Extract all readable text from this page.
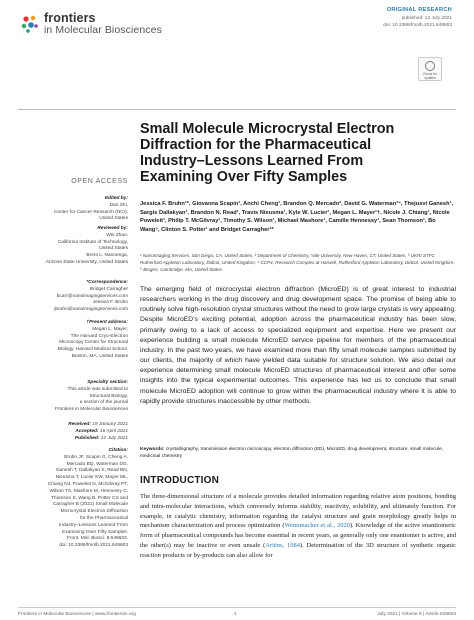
frontiers
in Molecular Biosciences
ORIGINAL RESEARCH
published: 12 July 2021
doi: 10.3389/fmolb.2021.648603
Check for updates
Small Molecule Microcrystal Electron Diffraction for the Pharmaceutical Industry–Lessons Learned From Examining Over Fifty Samples
Jessica F. Bruhn¹*, Giovanna Scapin¹, Anchi Cheng¹, Brandon Q. Mercado², David G. Waterman³⁴, Thejusvi Ganesh¹, Sargis Dallakyan¹, Brandon N. Read¹, Travis Nieusma¹, Kyle W. Lucier¹, Megan L. Mayer¹†, Nicole J. Chiang¹, Nicole Poweleit¹, Philip T. McGilvray¹, Timothy S. Wilson¹, Michael Mashore¹, Camille Hennessy¹, Sean Thomson¹, Bo Wang⁵, Clinton S. Potter¹ and Bridget Carragher¹*
¹ NanoImaging Services, San Diego, CA, United States, ² Department of Chemistry, Yale University, New Haven, CT, United States, ³ UKRI STFC Rutherford Appleton Laboratory, Didcot, United Kingdom, ⁴ CCP4, Research Complex at Harwell, Rutherford Appleton Laboratory, Didcot, United Kingdom, ⁵ Biogen, Cambridge, MA, United States
The emerging field of microcrystal electron diffraction (MicroED) is of great interest to industrial researchers working in the drug discovery and drug development space. The promise of being able to routinely solve high-resolution crystal structures without the need to grow large crystals is very appealing. Despite MicroED’s exciting potential, adoption across the pharmaceutical industry has been slow, primarily owing to a lack of access to specialized equipment and expertise. Here we present our experience building a small molecule MicroED service pipeline for members of the pharmaceutical industry. In the past two years, we have examined more than fifty small molecule samples submitted by our clients, the majority of which have yielded data suitable for structure solution. We also detail our experience determining small molecule MicroED structures of pharmaceutical interest and offer some insights into the typical experimental outcomes. This experience has led us to conclude that small molecule MicroED adoption will continue to grow within the pharmaceutical industry where it is able to rapidly provide structures inaccessible by other methods.
Keywords: crystallography, transmission electron microscopy, electron diffraction (ED), MicroED, drug development, structure, small molecule, medicinal chemistry
INTRODUCTION
The three-dimensional structure of a molecule provides detailed information regarding relative atom positions, bonding and intra-molecular interactions, which conversely informs stability, reactivity, solubility, and ultimately function. For example, in catalytic chemistry, information regarding the catalyst structure and grain morphology greatly helps in mechanism characterization and process optimization (Wennmacher et al., 2020). Knowledge of the active enantiomeric form of pharmaceutical compounds has become essential in recent years, as generally only one enantiomer is active, and the other(s) may be inactive or even unsafe (Ariëns, 1984). Determination of the 3D structure of synthetic organic reaction products or by-products can also allow for
OPEN ACCESS
Edited by:
Dan Shi,
Center for Cancer Research (NCI),
United States
Reviewed by:
Wei Zhao,
California Institute of Technology,
United States
Brent L. Nannenga,
Arizona State University, United States
*Correspondence:
Bridget Carragher
bcarr@nanoimagingservices.com
Jessica F. Bruhn
jbruhn@nanoimagingservices.com
†Present address:
Megan L. Mayer,
The Harvard Cryo-Electron
Microscopy Center for Structural
Biology, Harvard Medical School,
Boston, MA, United States
Specialty section:
This article was submitted to
Structural Biology,
a section of the journal
Frontiers in Molecular Biosciences
Received: 19 January 2021
Accepted: 16 April 2021
Published: 12 July 2021
Citation:
Bruhn JF, Scapin G, Cheng A,
Mercado BQ, Waterman DG,
Ganesh T, Dallakyan S, Read BN,
Nieusma T, Lucier KW, Mayer ML,
Chiang NJ, Poweleit N, McGilvray PT,
Wilson TS, Mashore M, Hennessy C,
Thomson S, Wang B, Potter CS and
Carragher B (2021) Small Molecule
Microcrystal Electron Diffraction
for the Pharmaceutical
Industry–Lessons Learned From
Examining Over Fifty Samples.
Front. Mol. Biosci. 8:648603.
doi: 10.3389/fmolb.2021.648603
Frontiers in Molecular Biosciences | www.frontiersin.org	1	July 2021 | Volume 8 | Article 648603
